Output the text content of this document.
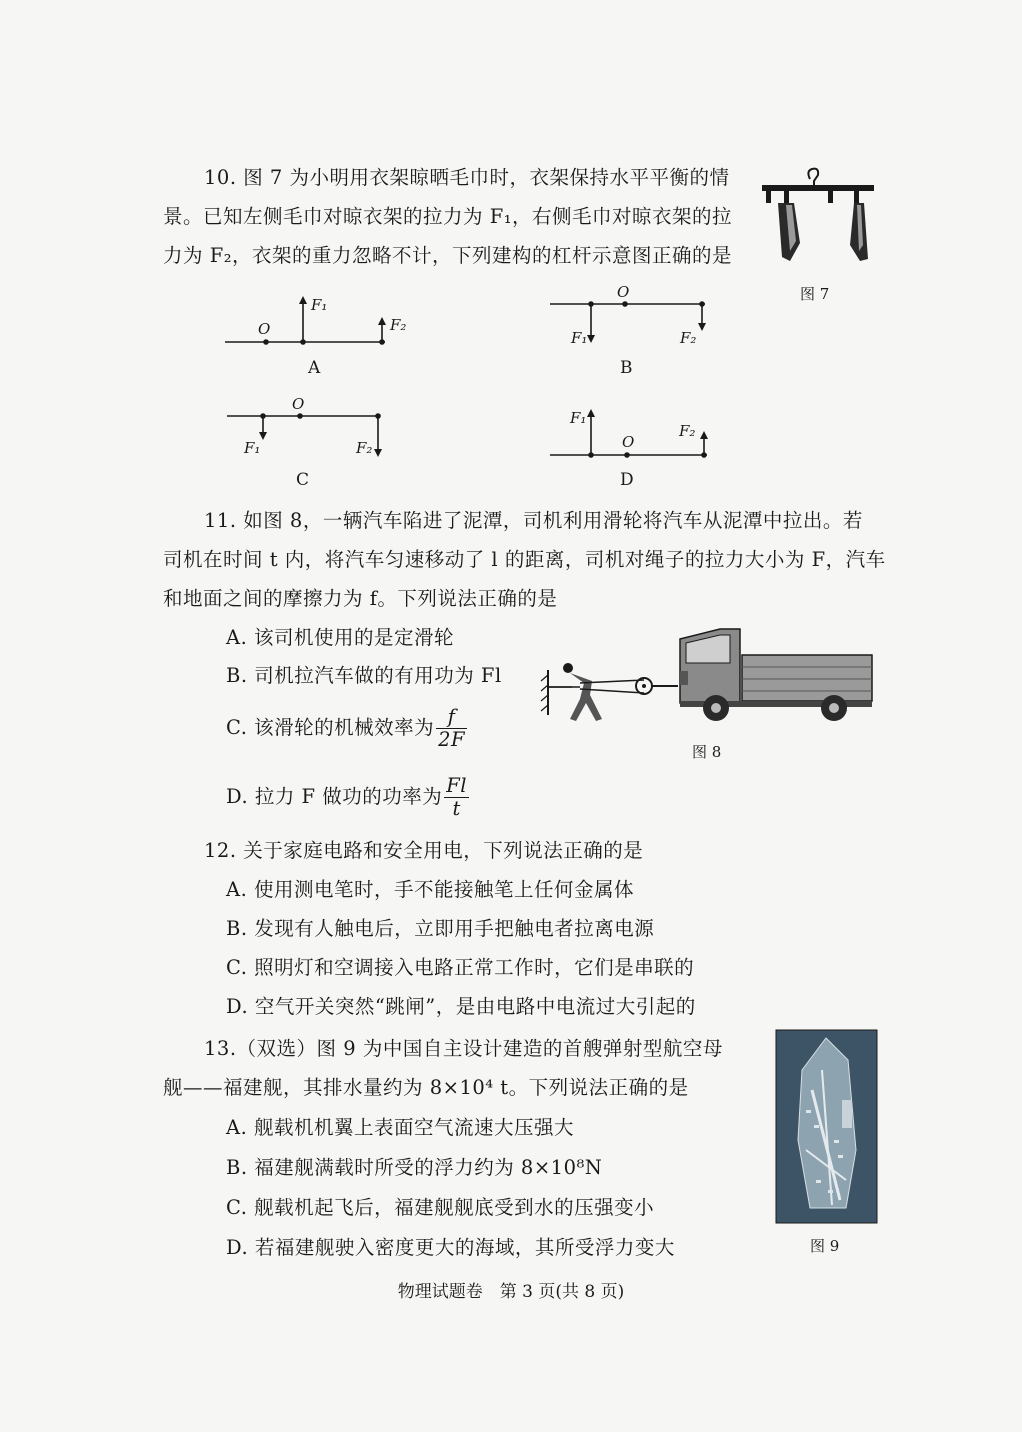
10. 图 7 为小明用衣架晾晒毛巾时，衣架保持水平平衡的情
景。已知左侧毛巾对晾衣架的拉力为 F₁，右侧毛巾对晾衣架的拉
力为 F₂，衣架的重力忽略不计，下列建构的杠杆示意图正确的是
图 7
O
F₁
F₂
A
O
F₁	F₂
B
O
F₁	F₂
C
O
F₁
F₂
D
11. 如图 8，一辆汽车陷进了泥潭，司机利用滑轮将汽车从泥潭中拉出。若
司机在时间 t 内，将汽车匀速移动了 l 的距离，司机对绳子的拉力大小为 F，汽车
和地面之间的摩擦力为 f。下列说法正确的是
A. 该司机使用的是定滑轮
B. 司机拉汽车做的有用功为 Fl
C. 该滑轮的机械效率为 $\frac{f}{2F}$
D. 拉力 F 做功的功率为 $\frac{Fl}{t}$
图 8
12. 关于家庭电路和安全用电，下列说法正确的是
A. 使用测电笔时，手不能接触笔上任何金属体
B. 发现有人触电后，立即用手把触电者拉离电源
C. 照明灯和空调接入电路正常工作时，它们是串联的
D. 空气开关突然“跳闸”，是由电路中电流过大引起的
13.（双选）图 9 为中国自主设计建造的首艘弹射型航空母
舰——福建舰，其排水量约为 8×10⁴ t。下列说法正确的是
A. 舰载机机翼上表面空气流速大压强大
B. 福建舰满载时所受的浮力约为 8×10⁸N
C. 舰载机起飞后，福建舰舰底受到水的压强变小
D. 若福建舰驶入密度更大的海域，其所受浮力变大	图 9
物理试题卷　第 3 页(共 8 页)
